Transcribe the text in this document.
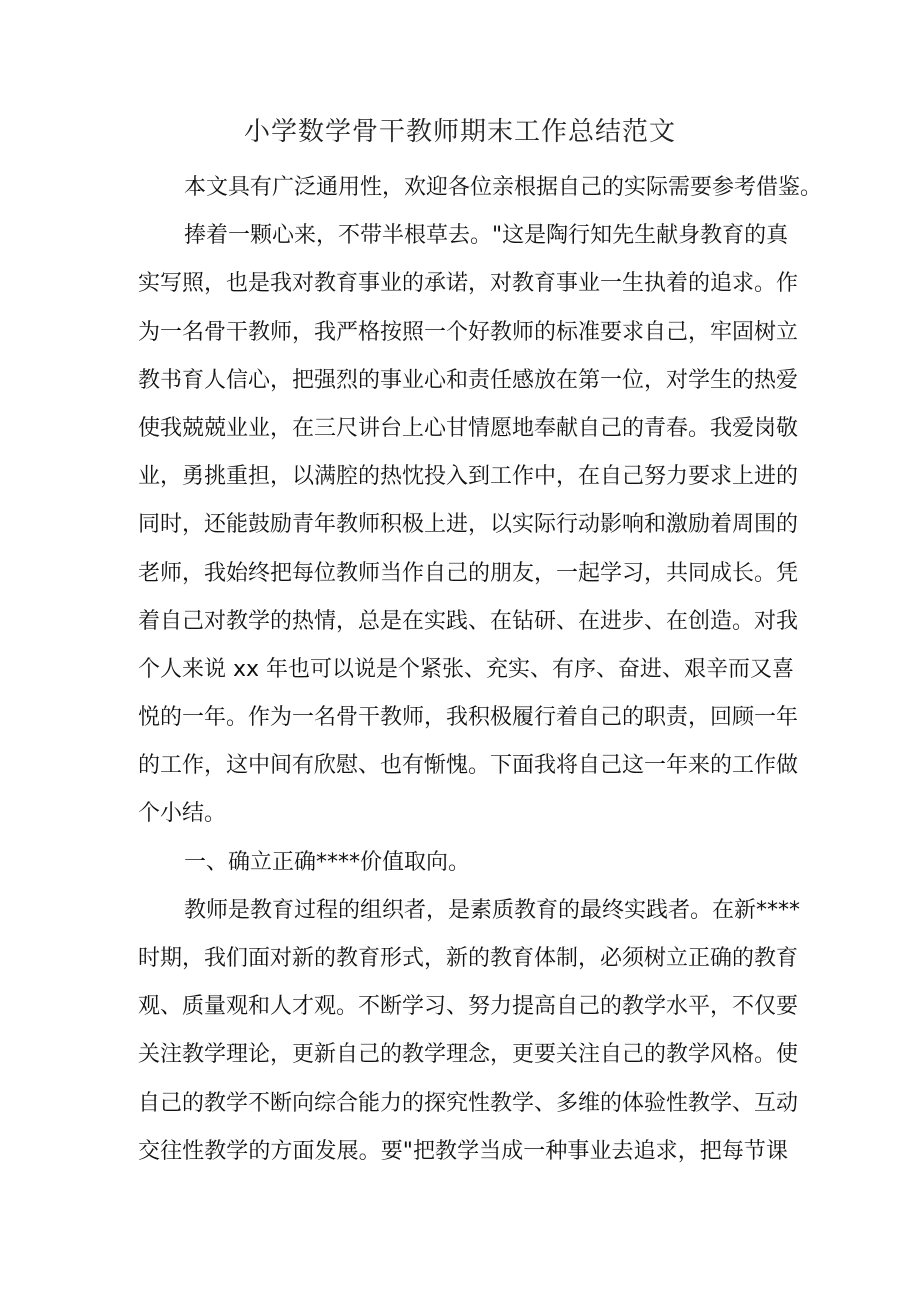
小学数学骨干教师期末工作总结范文
本文具有广泛通用性，欢迎各位亲根据自己的实际需要参考借鉴。
捧着一颗心来，不带半根草去。"这是陶行知先生献身教育的真
实写照，也是我对教育事业的承诺，对教育事业一生执着的追求。作
为一名骨干教师，我严格按照一个好教师的标准要求自己，牢固树立
教书育人信心，把强烈的事业心和责任感放在第一位，对学生的热爱
使我兢兢业业，在三尺讲台上心甘情愿地奉献自己的青春。我爱岗敬
业，勇挑重担，以满腔的热忱投入到工作中，在自己努力要求上进的
同时，还能鼓励青年教师积极上进，以实际行动影响和激励着周围的
老师，我始终把每位教师当作自己的朋友，一起学习，共同成长。凭
着自己对教学的热情，总是在实践、在钻研、在进步、在创造。对我
个人来说 xx 年也可以说是个紧张、充实、有序、奋进、艰辛而又喜
悦的一年。作为一名骨干教师，我积极履行着自己的职责，回顾一年
的工作，这中间有欣慰、也有惭愧。下面我将自己这一年来的工作做
个小结。
一、确立正确****价值取向。
教师是教育过程的组织者，是素质教育的最终实践者。在新****
时期，我们面对新的教育形式，新的教育体制，必须树立正确的教育
观、质量观和人才观。不断学习、努力提高自己的教学水平，不仅要
关注教学理论，更新自己的教学理念，更要关注自己的教学风格。使
自己的教学不断向综合能力的探究性教学、多维的体验性教学、互动
交往性教学的方面发展。要"把教学当成一种事业去追求，把每节课
